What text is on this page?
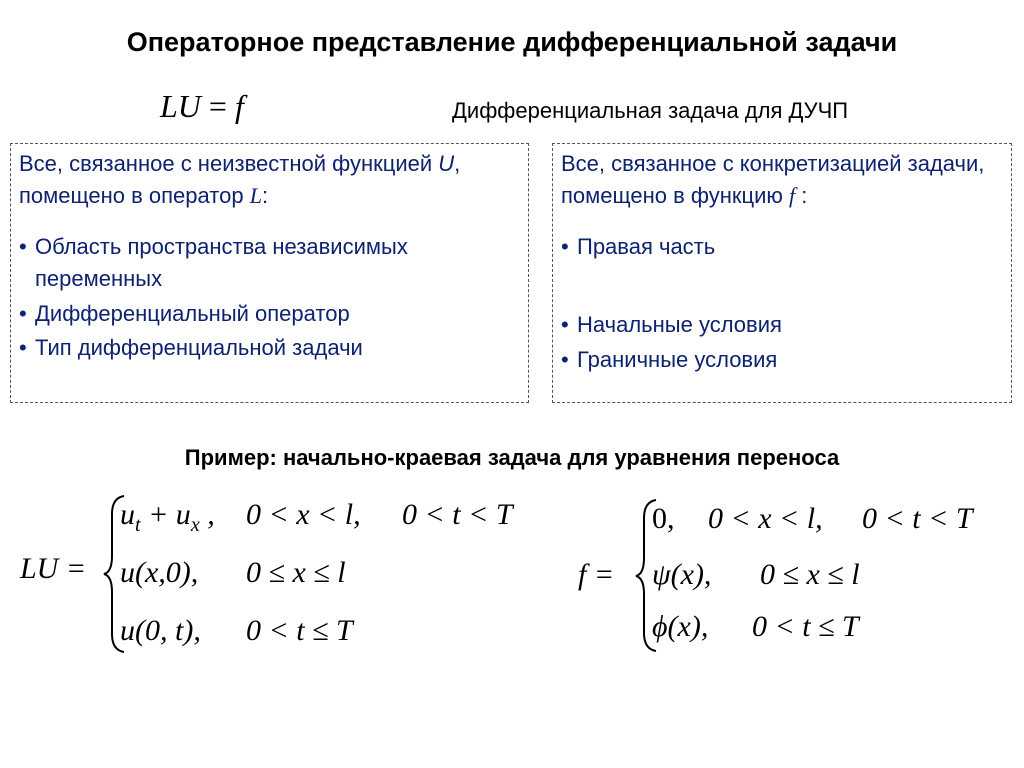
Операторное представление дифференциальной задачи
LU = f	Дифференциальная задача для ДУЧП

Все, связанное с неизвестной функцией U, помещено в оператор L:

• Область пространства независимых переменных
• Дифференциальный оператор
• Тип дифференциальной задачи

Все, связанное с конкретизацией задачи, помещено в функцию f :

• Правая часть
• Начальные условия
• Граничные условия
Пример: начально-краевая задача для уравнения переноса
LU =
$u_t + u_x$ , 0 < x < l, 0 < t < T
u(x,0), 0 ≤ x ≤ l
u(0, t), 0 < t ≤ T
f =
0, 0 < x < l, 0 < t < T
ψ(x), 0 ≤ x ≤ l
ϕ(x), 0 < t ≤ T
